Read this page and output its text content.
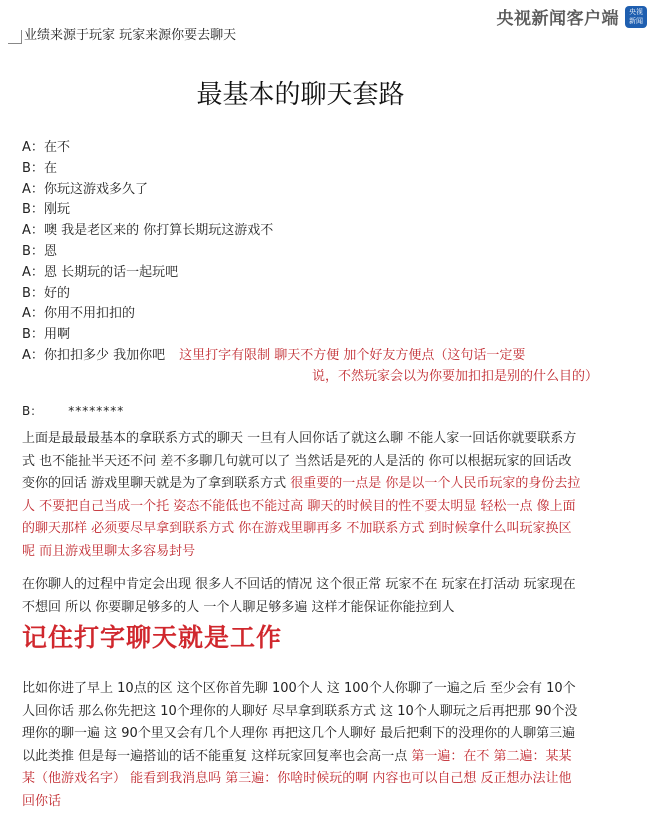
央视新闻客户端	央视
新闻
业绩来源于玩家 玩家来源你要去聊天
最基本的聊天套路
A：在不
B：在
A：你玩这游戏多久了
B：刚玩
A：噢 我是老区来的 你打算长期玩这游戏不
B：恩
A：恩 长期玩的话一起玩吧
B：好的
A：你用不用扣扣的
B：用啊
A：你扣扣多少 我加你吧 这里打字有限制 聊天不方便 加个好友方便点（这句话一定要
说，不然玩家会以为你要加扣扣是别的什么目的）
B： ********
上面是最最最基本的拿联系方式的聊天 一旦有人回你话了就这么聊 不能人家一回话你就要联系方式 也不能扯半天还不问 差不多聊几句就可以了 当然话是死的人是活的 你可以根据玩家的回话改变你的回话 游戏里聊天就是为了拿到联系方式 很重要的一点是 你是以一个人民币玩家的身份去拉人 不要把自己当成一个托 姿态不能低也不能过高 聊天的时候目的性不要太明显 轻松一点 像上面的聊天那样 必须要尽早拿到联系方式 你在游戏里聊再多 不加联系方式 到时候拿什么叫玩家换区呢 而且游戏里聊太多容易封号
在你聊人的过程中肯定会出现 很多人不回话的情况 这个很正常 玩家不在 玩家在打活动 玩家现在不想回 所以 你要聊足够多的人 一个人聊足够多遍 这样才能保证你能拉到人
记住打字聊天就是工作
比如你进了早上 10点的区 这个区你首先聊 100个人 这 100个人你聊了一遍之后 至少会有 10个人回你话 那么你先把这 10个理你的人聊好 尽早拿到联系方式 这 10个人聊玩之后再把那 90个没理你的聊一遍 这 90个里又会有几个人理你 再把这几个人聊好 最后把剩下的没理你的人聊第三遍 以此类推 但是每一遍搭讪的话不能重复 这样玩家回复率也会高一点 第一遍：在不 第二遍：某某某（他游戏名字） 能看到我消息吗 第三遍：你啥时候玩的啊 内容也可以自己想 反正想办法让他回你话
